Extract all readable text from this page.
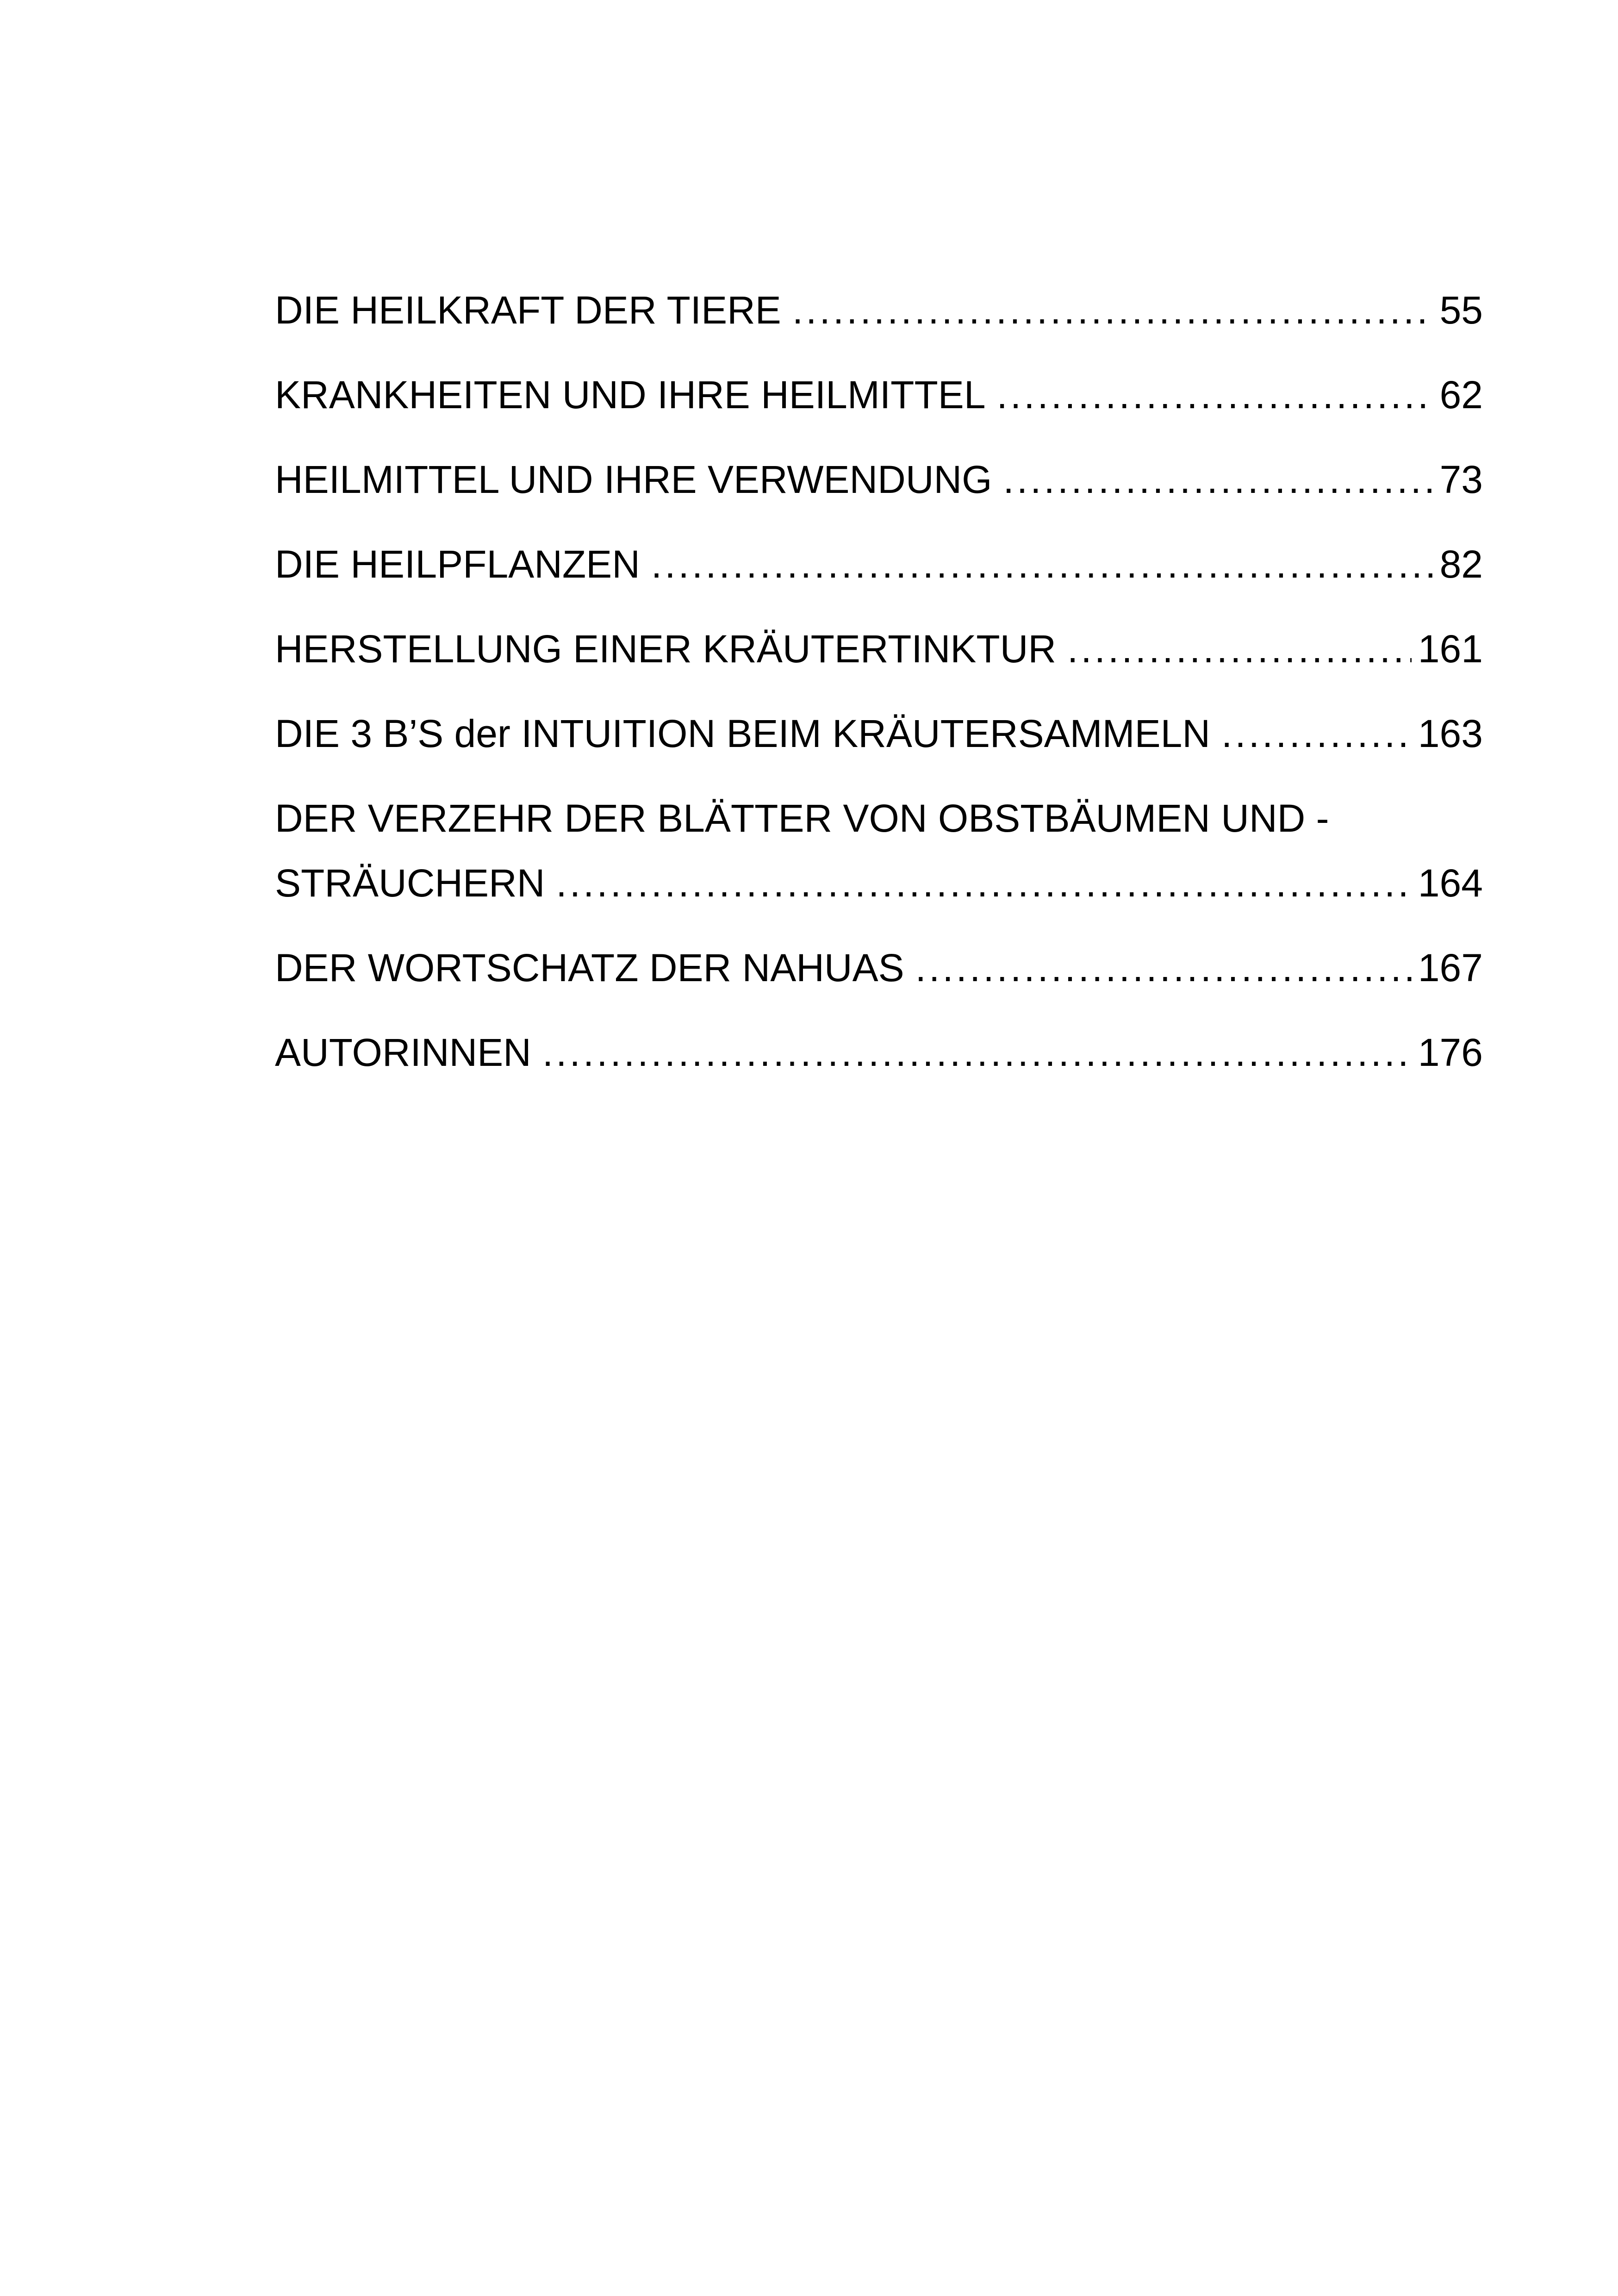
DIE HEILKRAFT DER TIERE .....	55
KRANKHEITEN UND IHRE HEILMITTEL .....	62
HEILMITTEL UND IHRE VERWENDUNG .....	73
DIE HEILPFLANZEN .....	82
HERSTELLUNG EINER KRÄUTERTINKTUR .....	161
DIE 3 B’S der INTUITION BEIM KRÄUTERSAMMELN .....	163
DER VERZEHR DER BLÄTTER VON OBSTBÄUMEN UND -
STRÄUCHERN .....	164
DER WORTSCHATZ DER NAHUAS .....	167
AUTORINNEN .....	176
